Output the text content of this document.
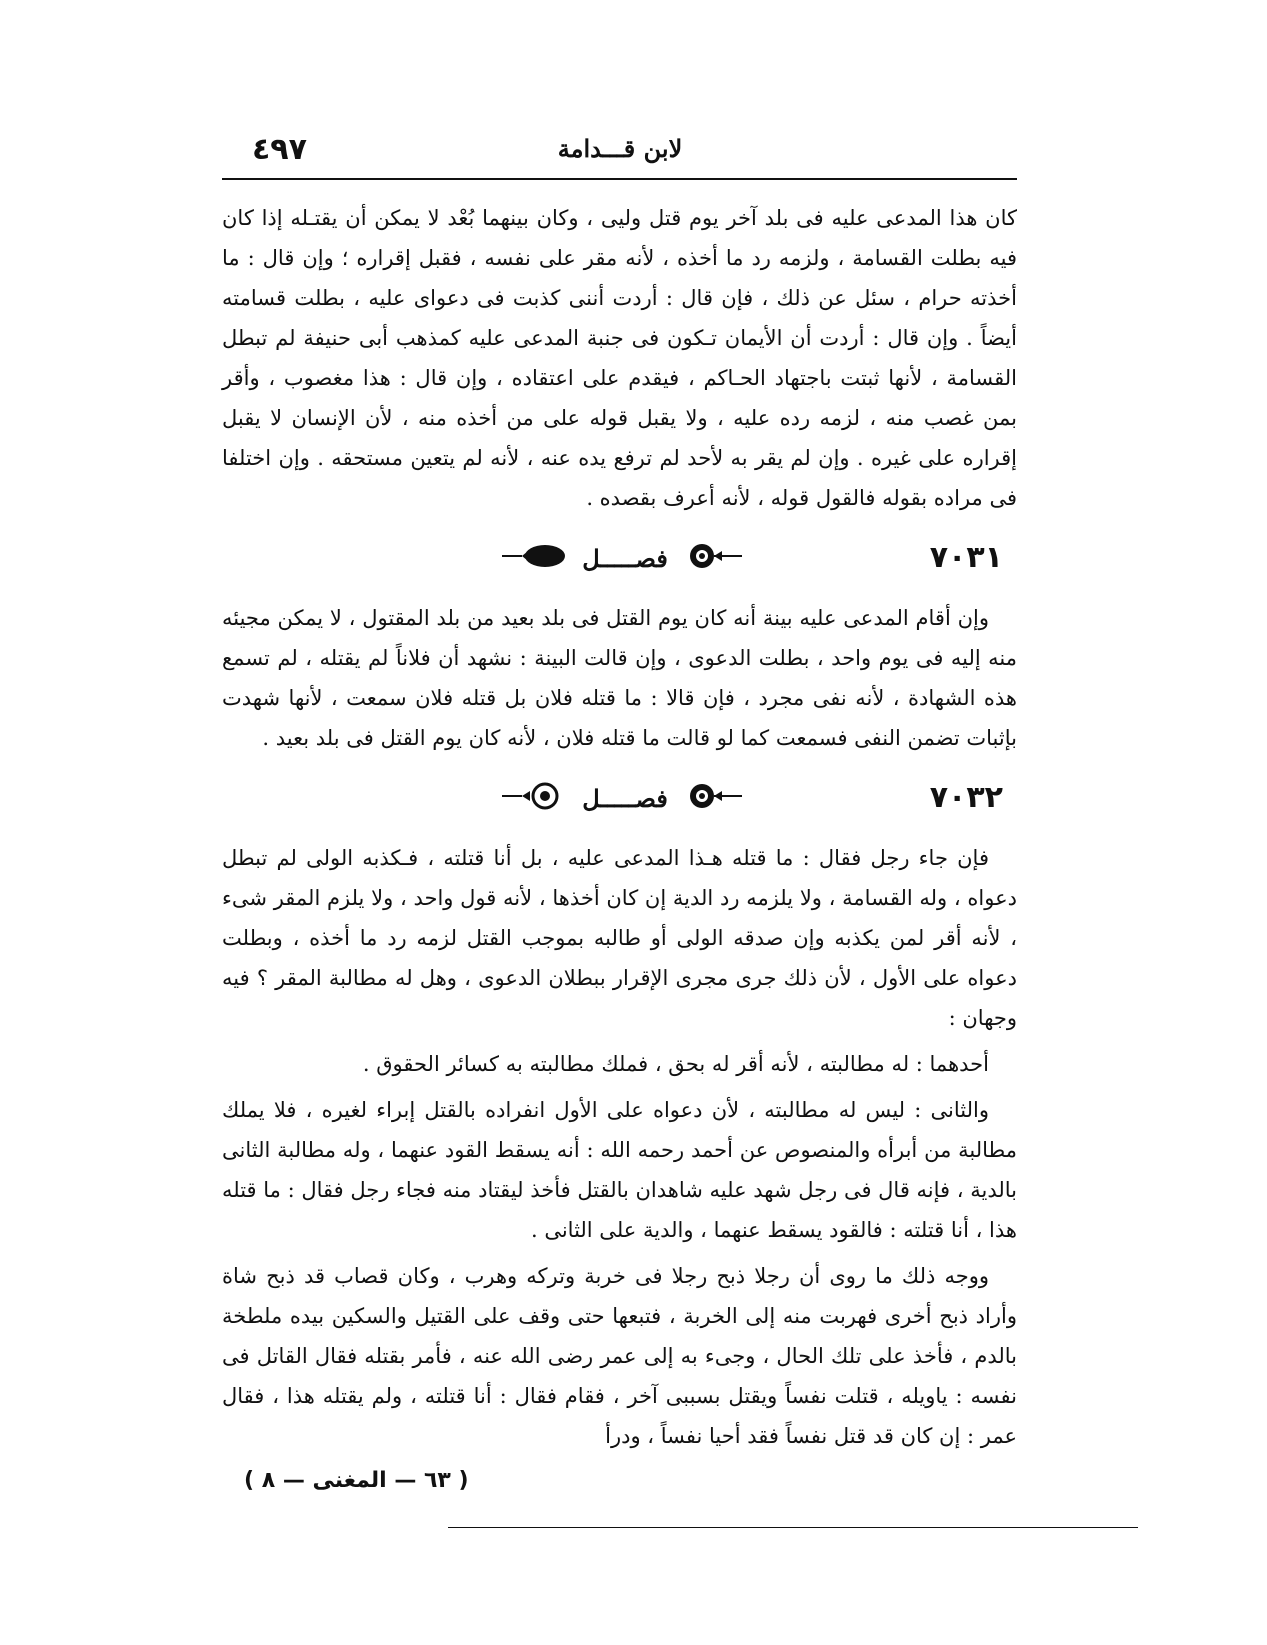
٤٩٧	لابن قـــدامة

كان هذا المدعى عليه فى بلد آخر يوم قتل وليى ، وكان بينهما بُعْد لا يمكن أن يقتـله إذا كان فيه بطلت القسامة ، ولزمه رد ما أخذه ، لأنه مقر على نفسه ، فقبل إقراره ؛ وإن قال : ما أخذته حرام ، سئل عن ذلك ، فإن قال : أردت أننى كذبت فى دعواى عليه ، بطلت قسامته أيضاً . وإن قال : أردت أن الأيمان تـكون فى جنبة المدعى عليه كمذهب أبى حنيفة لم تبطل القسامة ، لأنها ثبتت باجتهاد الحـاكم ، فيقدم على اعتقاده ، وإن قال : هذا مغصوب ، وأقر بمن غصب منه ، لزمه رده عليه ، ولا يقبل قوله على من أخذه منه ، لأن الإنسان لا يقبل إقراره على غيره . وإن لم يقر به لأحد لم ترفع يده عنه ، لأنه لم يتعين مستحقه . وإن اختلفا فى مراده بقوله فالقول قوله ، لأنه أعرف بقصده .

٧٠٣١
فصـــــل

وإن أقام المدعى عليه بينة أنه كان يوم القتل فى بلد بعيد من بلد المقتول ، لا يمكن مجيئه منه إليه فى يوم واحد ، بطلت الدعوى ، وإن قالت البينة : نشهد أن فلاناً لم يقتله ، لم تسمع هذه الشهادة ، لأنه نفى مجرد ، فإن قالا : ما قتله فلان بل قتله فلان سمعت ، لأنها شهدت بإثبات تضمن النفى فسمعت كما لو قالت ما قتله فلان ، لأنه كان يوم القتل فى بلد بعيد .

٧٠٣٢
فصـــــل

فإن جاء رجل فقال : ما قتله هـذا المدعى عليه ، بل أنا قتلته ، فـكذبه الولى لم تبطل دعواه ، وله القسامة ، ولا يلزمه رد الدية إن كان أخذها ، لأنه قول واحد ، ولا يلزم المقر شىء ، لأنه أقر لمن يكذبه وإن صدقه الولى أو طالبه بموجب القتل لزمه رد ما أخذه ، وبطلت دعواه على الأول ، لأن ذلك جرى مجرى الإقرار ببطلان الدعوى ، وهل له مطالبة المقر ؟ فيه وجهان :

أحدهما : له مطالبته ، لأنه أقر له بحق ، فملك مطالبته به كسائر الحقوق .

والثانى : ليس له مطالبته ، لأن دعواه على الأول انفراده بالقتل إبراء لغيره ، فلا يملك مطالبة من أبرأه والمنصوص عن أحمد رحمه الله : أنه يسقط القود عنهما ، وله مطالبة الثانى بالدية ، فإنه قال فى رجل شهد عليه شاهدان بالقتل فأخذ ليقتاد منه فجاء رجل فقال : ما قتله هذا ، أنا قتلته : فالقود يسقط عنهما ، والدية على الثانى .

ووجه ذلك ما روى أن رجلا ذبح رجلا فى خربة وتركه وهرب ، وكان قصاب قد ذبح شاة وأراد ذبح أخرى فهربت منه إلى الخربة ، فتبعها حتى وقف على القتيل والسكين بيده ملطخة بالدم ، فأخذ على تلك الحال ، وجىء به إلى عمر رضى الله عنه ، فأمر بقتله فقال القاتل فى نفسه : ياويله ، قتلت نفساً ويقتل بسببى آخر ، فقام فقال : أنا قتلته ، ولم يقتله هذا ، فقال عمر : إن كان قد قتل نفساً فقد أحيا نفساً ، ودرأ

( ٦٣ — المغنى — ٨ )
